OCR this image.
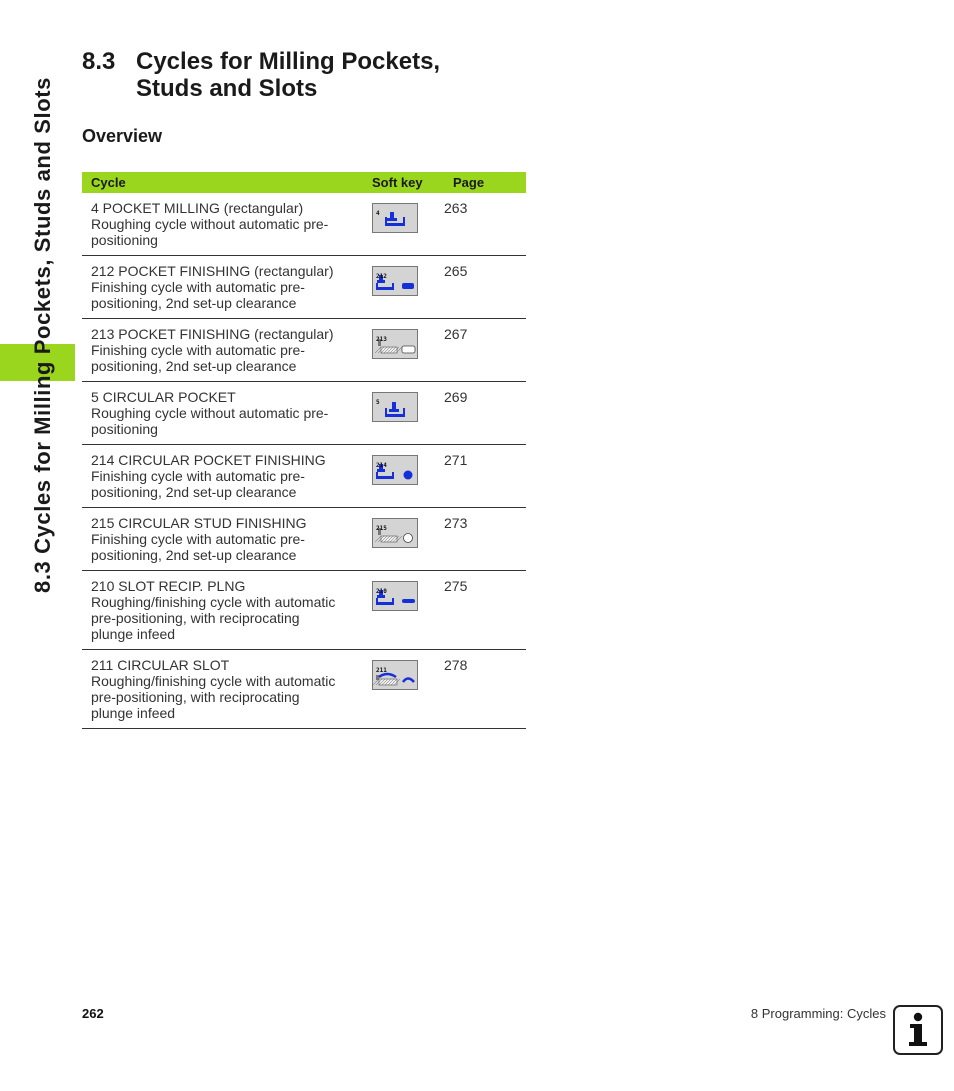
8.3 Cycles for Milling Pockets, Studs and Slots
8.3 Cycles for Milling Pockets,
Studs and Slots
Overview
Cycle	Soft key	Page

4 POCKET MILLING (rectangular)
Roughing cycle without automatic pre-
positioning	4	263

212 POCKET FINISHING (rectangular)
Finishing cycle with automatic pre-
positioning, 2nd set-up clearance	212	265

213 POCKET FINISHING (rectangular)
Finishing cycle with automatic pre-
positioning, 2nd set-up clearance	213	267

5 CIRCULAR POCKET
Roughing cycle without automatic pre-
positioning	5	269

214 CIRCULAR POCKET FINISHING
Finishing cycle with automatic pre-
positioning, 2nd set-up clearance	214	271

215 CIRCULAR STUD FINISHING
Finishing cycle with automatic pre-
positioning, 2nd set-up clearance	215	273

210 SLOT RECIP. PLNG
Roughing/finishing cycle with automatic
pre-positioning, with reciprocating
plunge infeed	210	275

211 CIRCULAR SLOT
Roughing/finishing cycle with automatic
pre-positioning, with reciprocating
plunge infeed	211	278
262	8 Programming: Cycles
